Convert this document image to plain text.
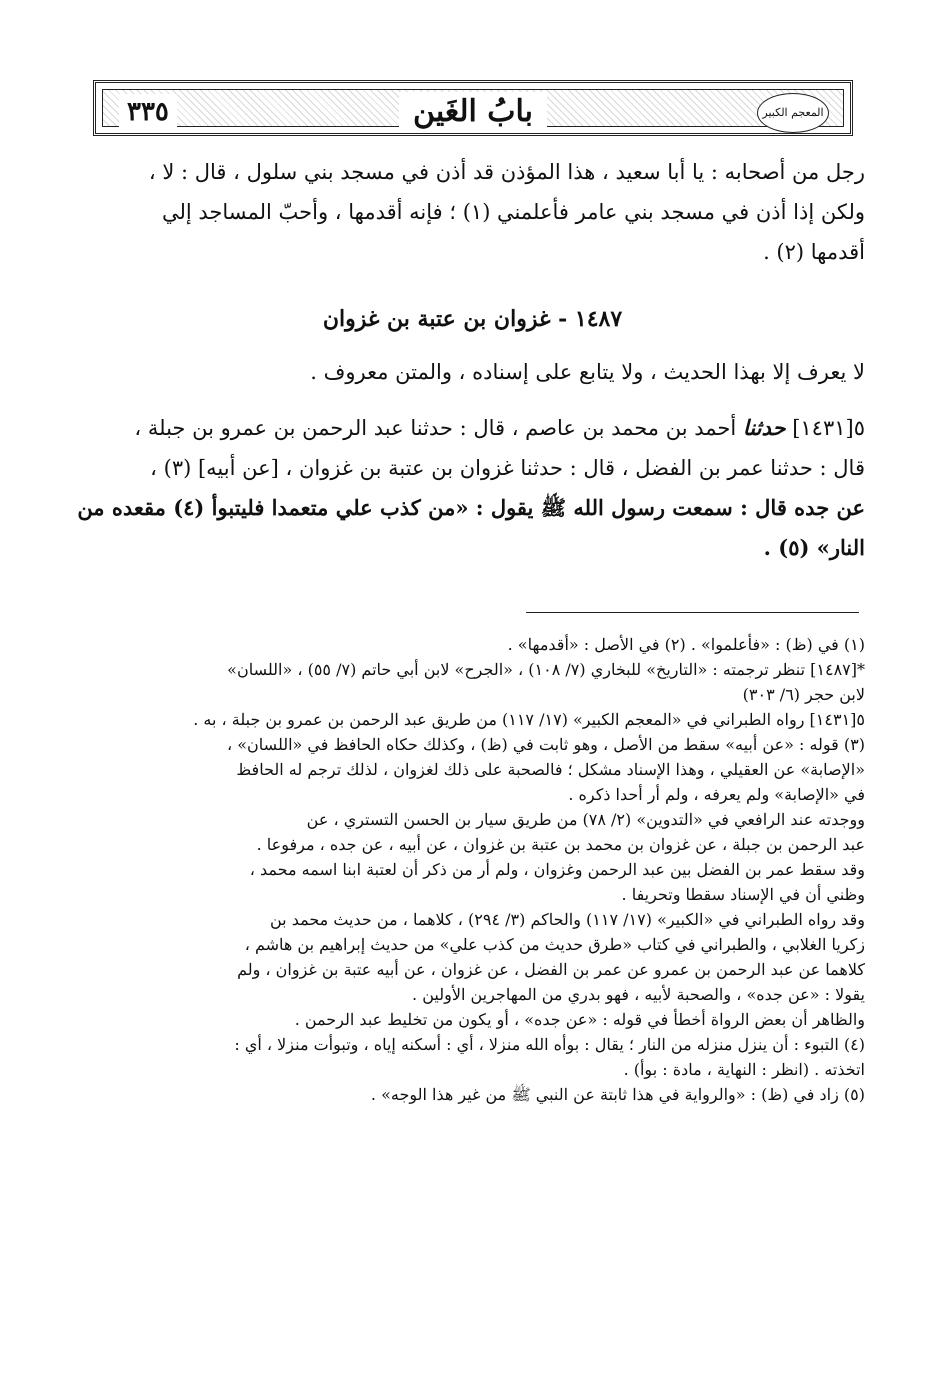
٣٣٥	بابُ الغَين	المعجم الكبير
رجل من أصحابه : يا أبا سعيد ، هذا المؤذن قد أذن في مسجد بني سلول ، قال : لا ،
ولكن إذا أذن في مسجد بني عامر فأعلمني (١) ؛ فإنه أقدمها ، وأحبّ المساجد إلي
أقدمها (٢) .
١٤٨٧ - غزوان بن عتبة بن غزوان
لا يعرف إلا بهذا الحديث ، ولا يتابع على إسناده ، والمتن معروف .
٥[١٤٣١] حدثنا أحمد بن محمد بن عاصم ، قال : حدثنا عبد الرحمن بن عمرو بن جبلة ،
قال : حدثنا عمر بن الفضل ، قال : حدثنا غزوان بن عتبة بن غزوان ، [عن أبيه] (٣) ،
عن جده قال : سمعت رسول الله ﷺ يقول : «من كذب علي متعمدا فليتبوأ (٤) مقعده من
النار» (٥) .
(١) في (ظ) : «فأعلموا» . (٢) في الأصل : «أقدمها» .
*[١٤٨٧] تنظر ترجمته : «التاريخ» للبخاري (٧/ ١٠٨) ، «الجرح» لابن أبي حاتم (٧/ ٥٥) ، «اللسان»
لابن حجر (٦/ ٣٠٣)
٥[١٤٣١] رواه الطبراني في «المعجم الكبير» (١٧/ ١١٧) من طريق عبد الرحمن بن عمرو بن جبلة ، به .
(٣) قوله : «عن أبيه» سقط من الأصل ، وهو ثابت في (ظ) ، وكذلك حكاه الحافظ في «اللسان» ،
«الإصابة» عن العقيلي ، وهذا الإسناد مشكل ؛ فالصحبة على ذلك لغزوان ، لذلك ترجم له الحافظ
في «الإصابة» ولم يعرفه ، ولم أر أحدا ذكره .
ووجدته عند الرافعي في «التدوين» (٢/ ٧٨) من طريق سيار بن الحسن التستري ، عن
عبد الرحمن بن جبلة ، عن غزوان بن محمد بن عتبة بن غزوان ، عن أبيه ، عن جده ، مرفوعا .
وقد سقط عمر بن الفضل بين عبد الرحمن وغزوان ، ولم أر من ذكر أن لعتبة ابنا اسمه محمد ،
وظني أن في الإسناد سقطا وتحريفا .
وقد رواه الطبراني في «الكبير» (١٧/ ١١٧) والحاكم (٣/ ٢٩٤) ، كلاهما ، من حديث محمد بن
زكريا الغلابي ، والطبراني في كتاب «طرق حديث من كذب علي» من حديث إبراهيم بن هاشم ،
كلاهما عن عبد الرحمن بن عمرو عن عمر بن الفضل ، عن غزوان ، عن أبيه عتبة بن غزوان ، ولم
يقولا : «عن جده» ، والصحبة لأبيه ، فهو بدري من المهاجرين الأولين .
والظاهر أن بعض الرواة أخطأ في قوله : «عن جده» ، أو يكون من تخليط عبد الرحمن .
(٤) التبوء : أن ينزل منزله من النار ؛ يقال : بوأه الله منزلا ، أي : أسكنه إياه ، وتبوأت منزلا ، أي :
اتخذته . (انظر : النهاية ، مادة : بوأ) .
(٥) زاد في (ظ) : «والرواية في هذا ثابتة عن النبي ﷺ من غير هذا الوجه» .
